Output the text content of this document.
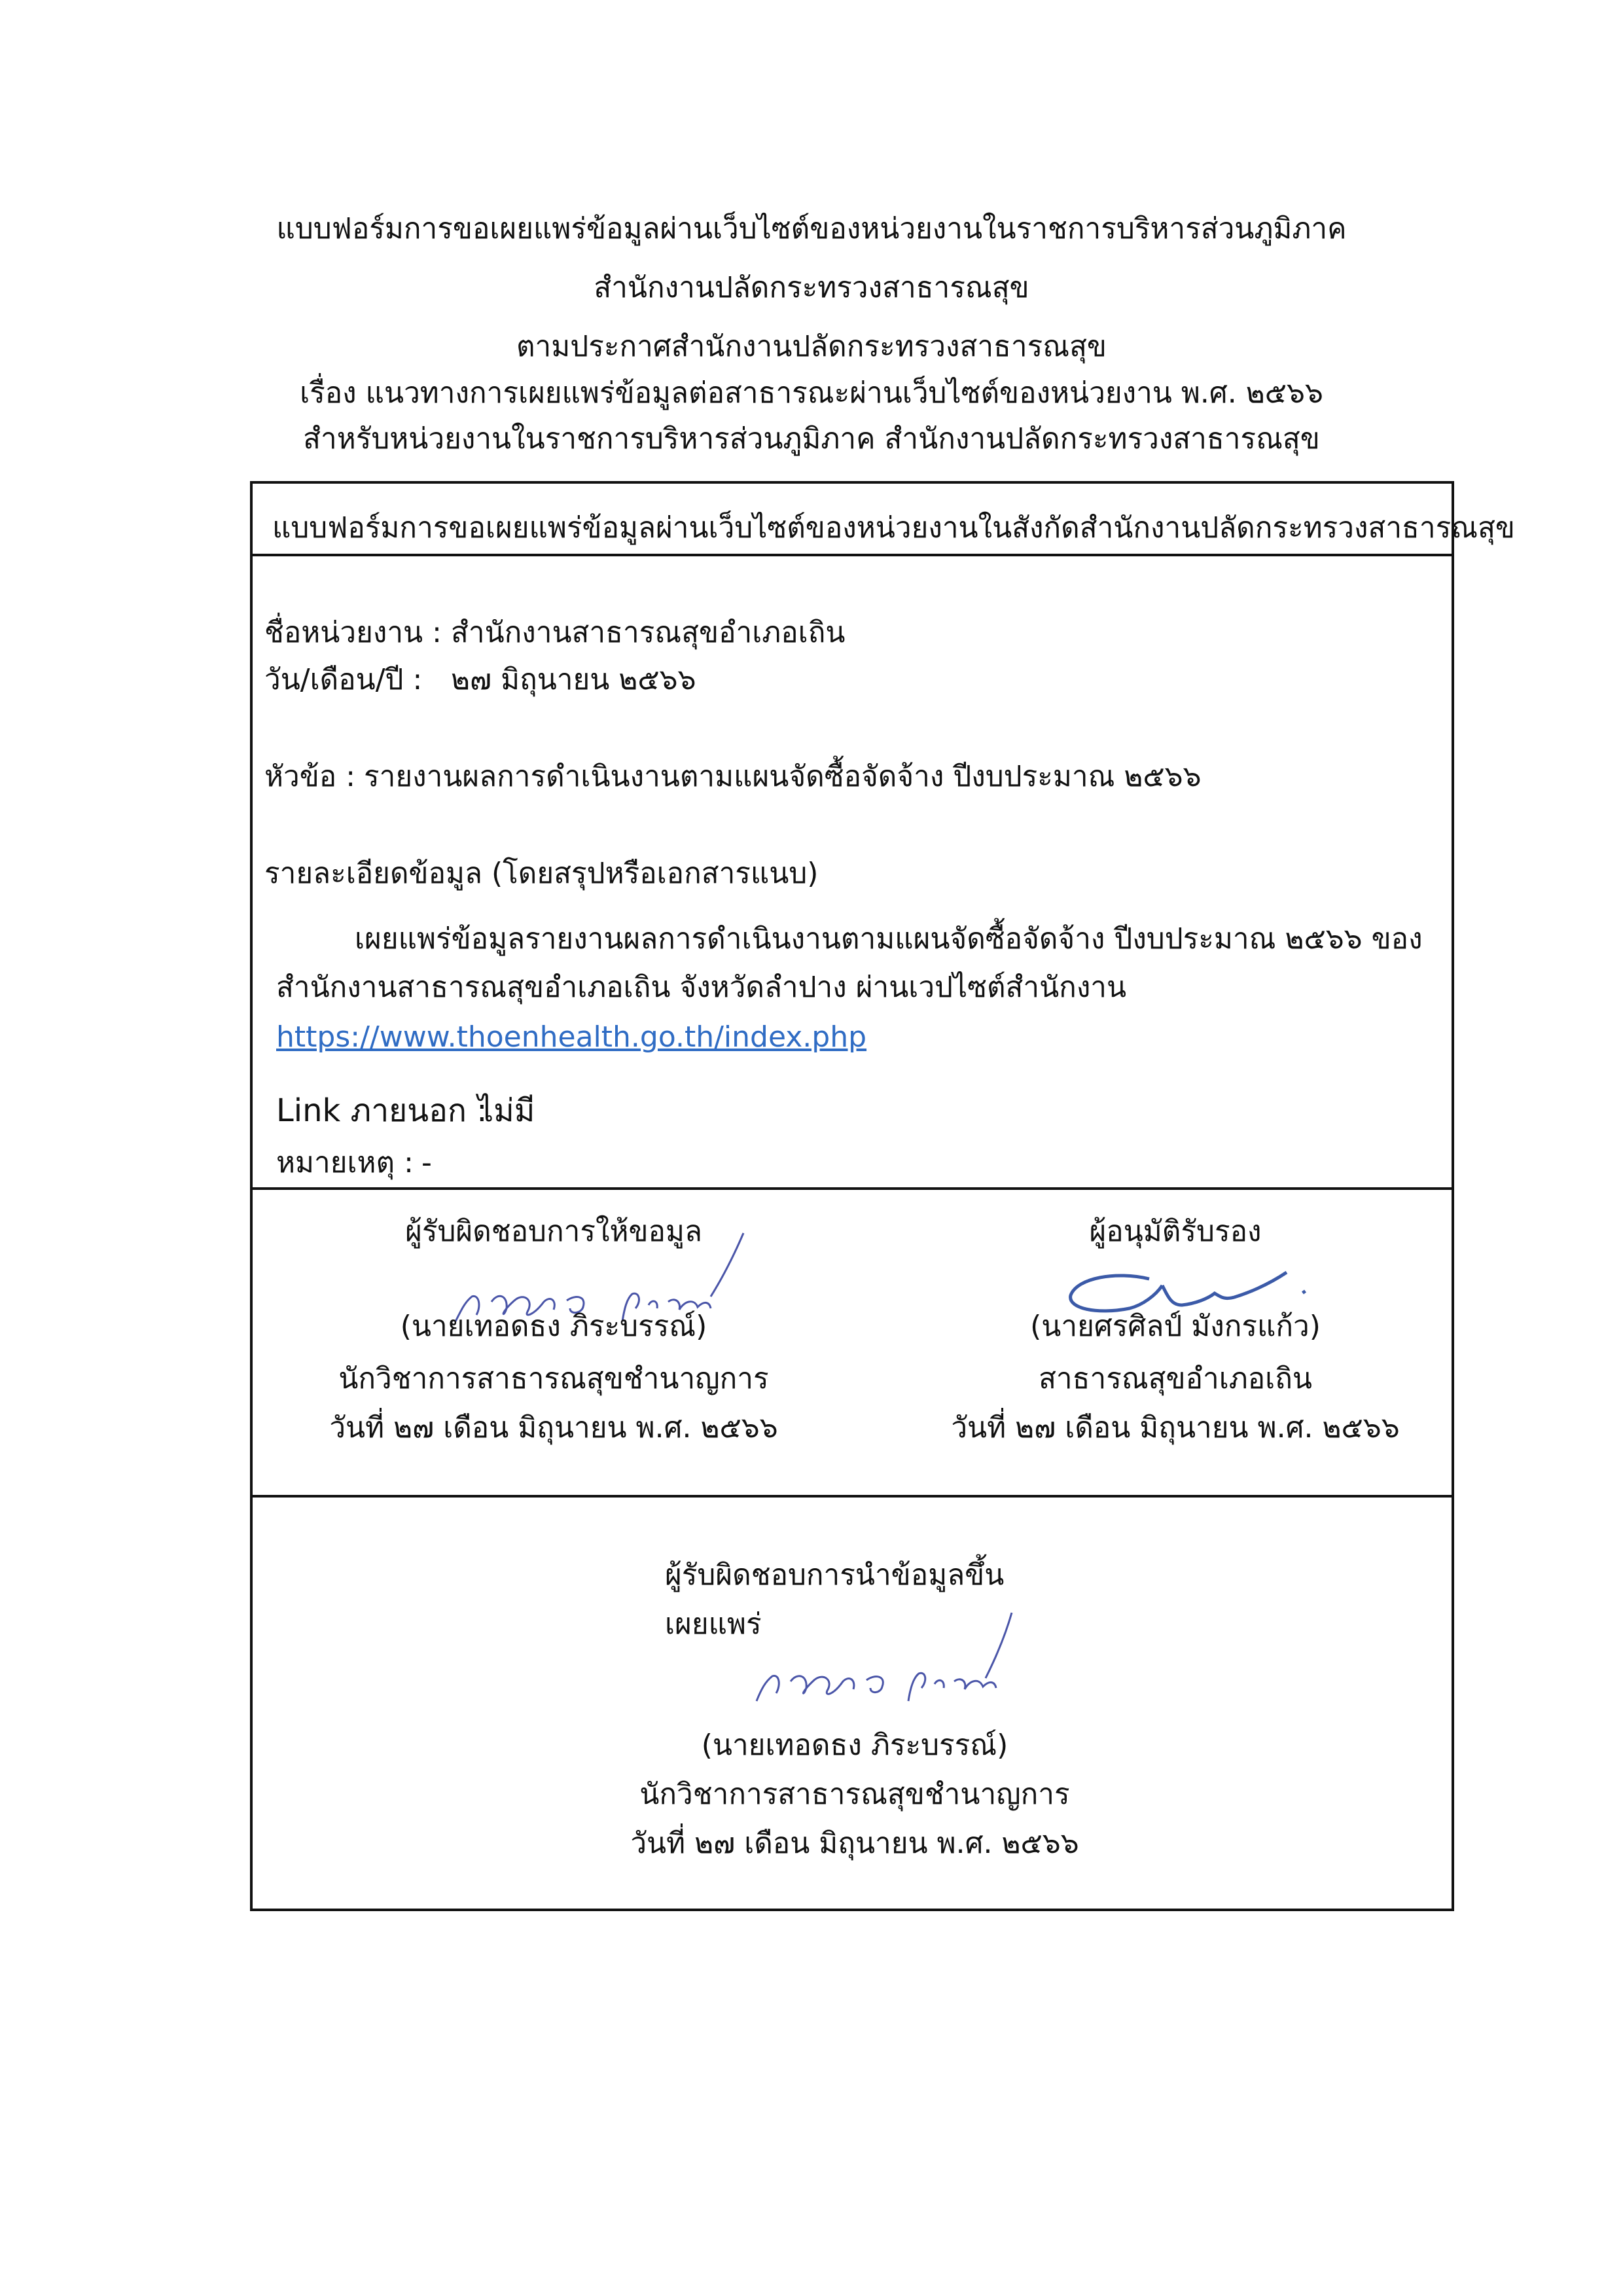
แบบฟอร์มการขอเผยแพร่ข้อมูลผ่านเว็บไซต์ของหน่วยงานในราชการบริหารส่วนภูมิภาค
สำนักงานปลัดกระทรวงสาธารณสุข
ตามประกาศสำนักงานปลัดกระทรวงสาธารณสุข
เรื่อง แนวทางการเผยแพร่ข้อมูลต่อสาธารณะผ่านเว็บไซต์ของหน่วยงาน พ.ศ. ๒๕๖๖
สำหรับหน่วยงานในราชการบริหารส่วนภูมิภาค สำนักงานปลัดกระทรวงสาธารณสุข
แบบฟอร์มการขอเผยแพร่ข้อมูลผ่านเว็บไซต์ของหน่วยงานในสังกัดสำนักงานปลัดกระทรวงสาธารณสุข
ชื่อหน่วยงาน : สำนักงานสาธารณสุขอำเภอเถิน
วัน/เดือน/ปี : ๒๗ มิถุนายน ๒๕๖๖
หัวข้อ : รายงานผลการดำเนินงานตามแผนจัดซื้อจัดจ้าง ปีงบประมาณ ๒๕๖๖
รายละเอียดข้อมูล (โดยสรุปหรือเอกสารแนบ)
เผยแพร่ข้อมูลรายงานผลการดำเนินงานตามแผนจัดซื้อจัดจ้าง ปีงบประมาณ ๒๕๖๖ ของ
สำนักงานสาธารณสุขอำเภอเถิน จังหวัดลำปาง ผ่านเวปไซต์สำนักงาน
https://www.thoenhealth.go.th/index.php
Link ภายนอก :
ไม่มี
หมายเหตุ : -
ผู้รับผิดชอบการให้ขอมูล
(นายเทอดธง ภิระบรรณ์)
นักวิชาการสาธารณสุขชำนาญการ
วันที่ ๒๗ เดือน มิถุนายน พ.ศ. ๒๕๖๖
ผู้อนุมัติรับรอง
(นายศรศิลป์ มังกรแก้ว)
สาธารณสุขอำเภอเถิน
วันที่ ๒๗ เดือน มิถุนายน พ.ศ. ๒๕๖๖
ผู้รับผิดชอบการนำข้อมูลขึ้น
เผยแพร่
(นายเทอดธง ภิระบรรณ์)
นักวิชาการสาธารณสุขชำนาญการ
วันที่ ๒๗ เดือน มิถุนายน พ.ศ. ๒๕๖๖
